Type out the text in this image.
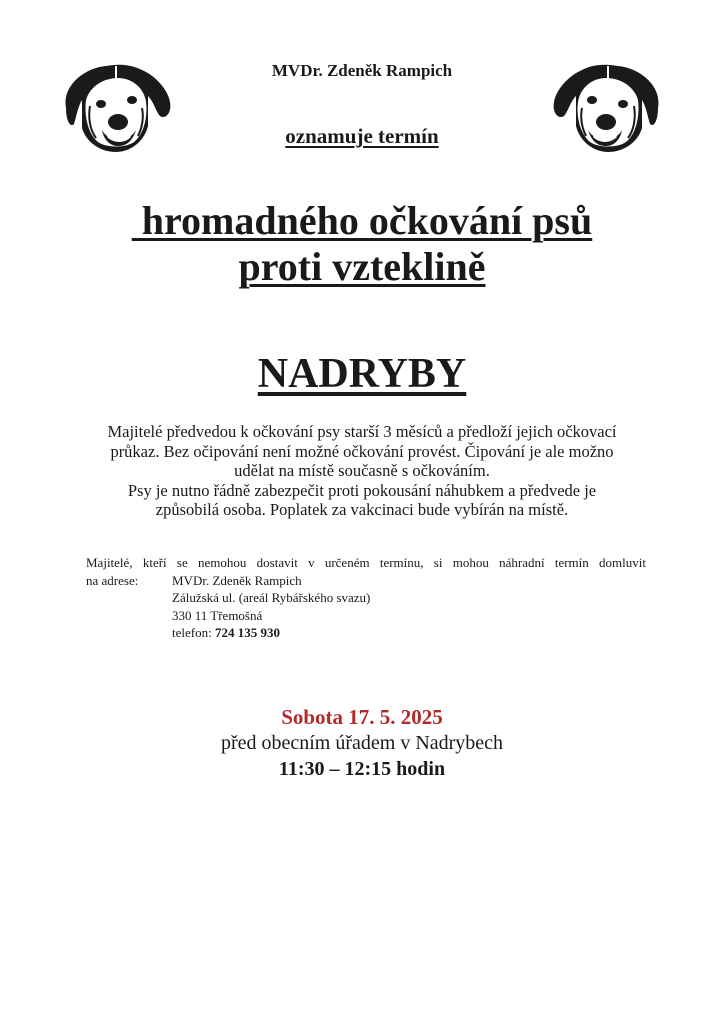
MVDr. Zdeněk Rampich
oznamuje termín
hromadného očkování psů
proti vzteklině
NADRYBY

Majitelé předvedou k očkování psy starší 3 měsíců a předloží jejich očkovací

průkaz. Bez očipování není možné očkování provést. Čipování je ale možno

udělat na místě současně s očkováním.

Psy je nutno řádně zabezpečit proti pokousání náhubkem a předvede je

způsobilá osoba. Poplatek za vakcinaci bude vybírán na místě.

Majitelé, kteří se nemohou dostavit v určeném termínu, si mohou náhradní termín domluvit
na adrese:	MVDr. Zdeněk Rampich
Zálužská ul. (areál Rybářského svazu)
330 11 Třemošná
telefon: 724 135 930
Sobota 17. 5. 2025
před obecním úřadem v Nadrybech
11:30 – 12:15 hodin
